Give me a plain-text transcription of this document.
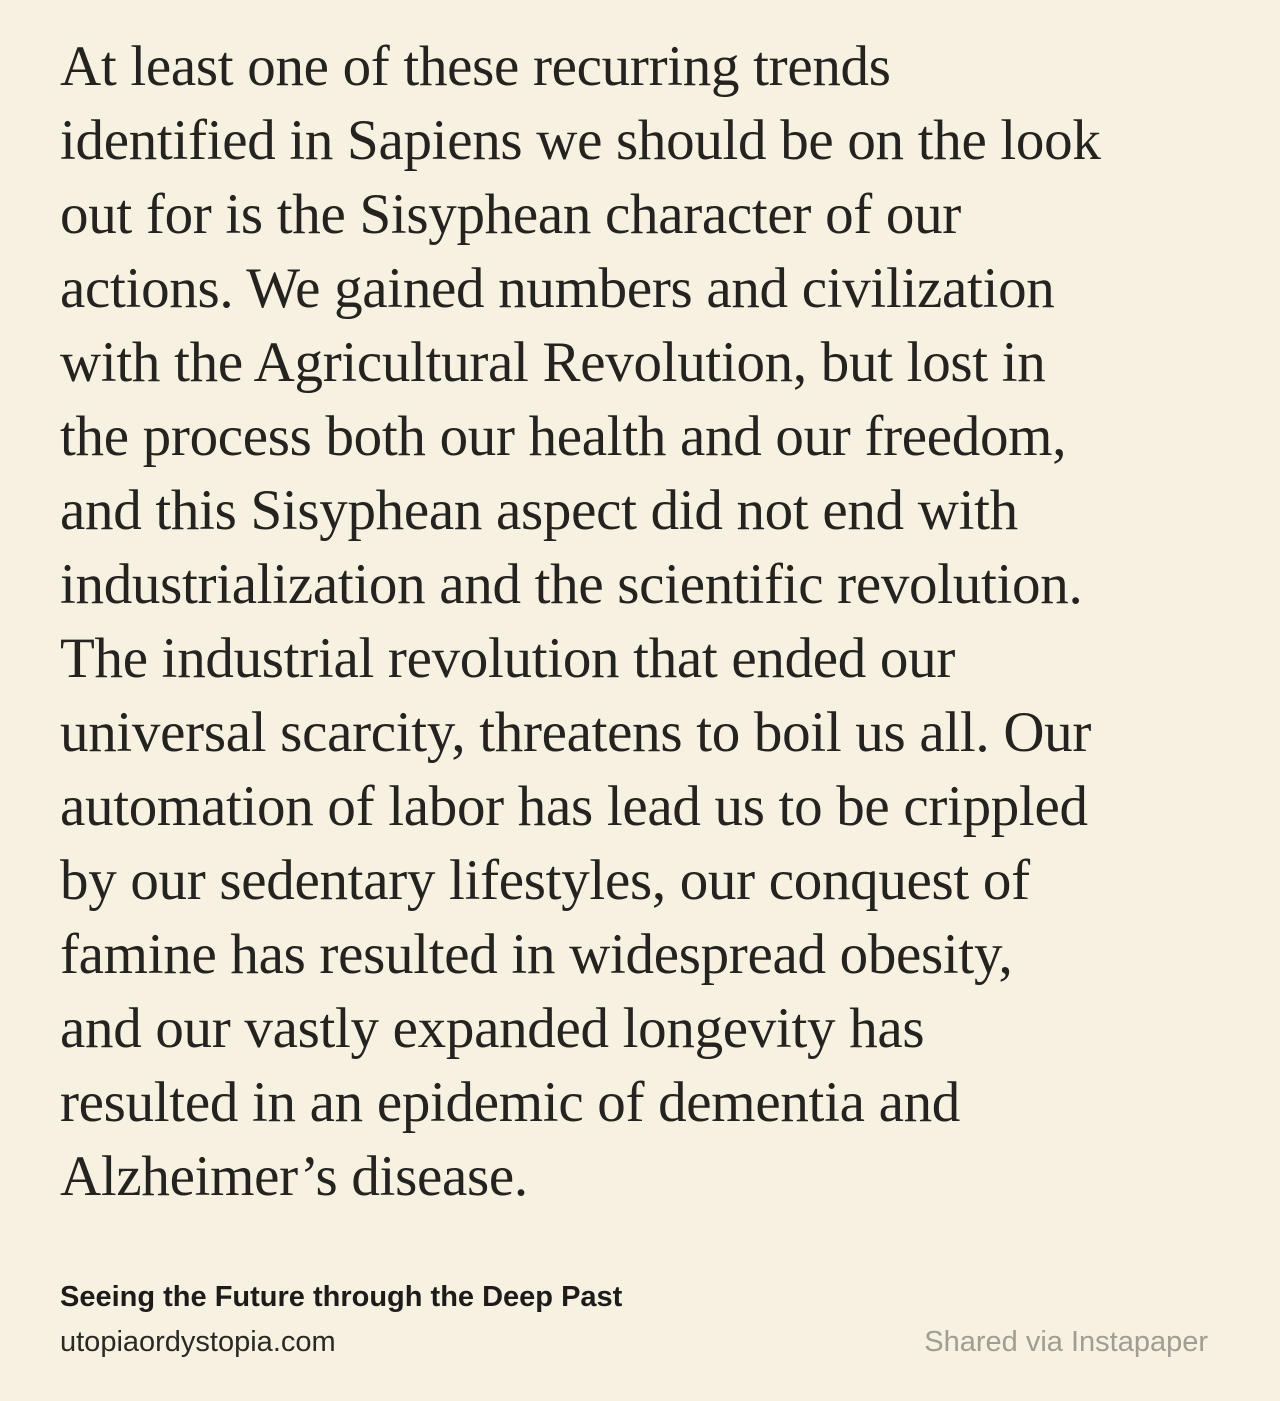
At least one of these recurring trends
identified in Sapiens we should be on the look
out for is the Sisyphean character of our
actions. We gained numbers and civilization
with the Agricultural Revolution, but lost in
the process both our health and our freedom,
and this Sisyphean aspect did not end with
industrialization and the scientific revolution.
The industrial revolution that ended our
universal scarcity, threatens to boil us all. Our
automation of labor has lead us to be crippled
by our sedentary lifestyles, our conquest of
famine has resulted in widespread obesity,
and our vastly expanded longevity has
resulted in an epidemic of dementia and
Alzheimer’s disease.
Seeing the Future through the Deep Past
utopiaordystopia.com	Shared via Instapaper
